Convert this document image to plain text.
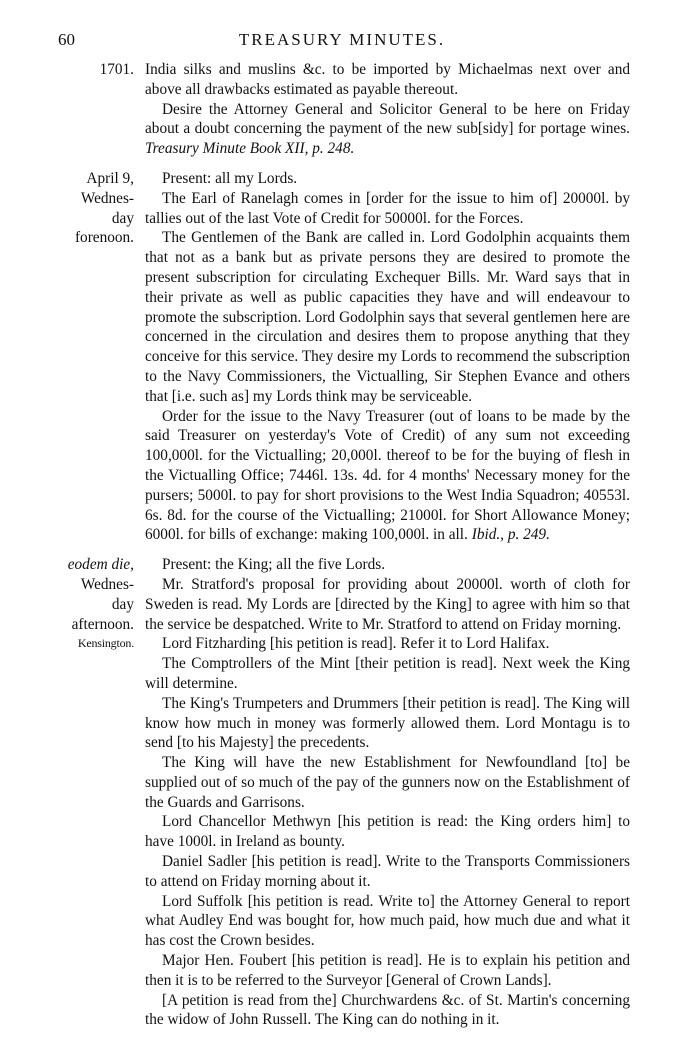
60	TREASURY MINUTES.
1701. India silks and muslins &c. to be imported by Michaelmas next over and above all drawbacks estimated as payable thereout.

Desire the Attorney General and Solicitor General to be here on Friday about a doubt concerning the payment of the new sub[sidy] for portage wines. Treasury Minute Book XII, p. 248.

April 9,
Wednes-
day
forenoon.

Present: all my Lords.

The Earl of Ranelagh comes in [order for the issue to him of] 20000l. by tallies out of the last Vote of Credit for 50000l. for the Forces.

The Gentlemen of the Bank are called in. Lord Godolphin acquaints them that not as a bank but as private persons they are desired to promote the present subscription for circulating Exchequer Bills. Mr. Ward says that in their private as well as public capacities they have and will endeavour to promote the subscription. Lord Godolphin says that several gentlemen here are concerned in the circulation and desires them to propose anything that they conceive for this service. They desire my Lords to recommend the subscription to the Navy Commissioners, the Victualling, Sir Stephen Evance and others that [i.e. such as] my Lords think may be serviceable.

Order for the issue to the Navy Treasurer (out of loans to be made by the said Treasurer on yesterday's Vote of Credit) of any sum not exceeding 100,000l. for the Victualling; 20,000l. thereof to be for the buying of flesh in the Victualling Office; 7446l. 13s. 4d. for 4 months' Necessary money for the pursers; 5000l. to pay for short provisions to the West India Squadron; 40553l. 6s. 8d. for the course of the Victualling; 21000l. for Short Allowance Money; 6000l. for bills of exchange: making 100,000l. in all. Ibid., p. 249.

eodem die,
Wednes-
day
afternoon.
Kensington.

Present: the King; all the five Lords.

Mr. Stratford's proposal for providing about 20000l. worth of cloth for Sweden is read. My Lords are [directed by the King] to agree with him so that the service be despatched. Write to Mr. Stratford to attend on Friday morning.

Lord Fitzharding [his petition is read]. Refer it to Lord Halifax.

The Comptrollers of the Mint [their petition is read]. Next week the King will determine.

The King's Trumpeters and Drummers [their petition is read]. The King will know how much in money was formerly allowed them. Lord Montagu is to send [to his Majesty] the precedents.

The King will have the new Establishment for Newfoundland [to] be supplied out of so much of the pay of the gunners now on the Establishment of the Guards and Garrisons.

Lord Chancellor Methwyn [his petition is read: the King orders him] to have 1000l. in Ireland as bounty.

Daniel Sadler [his petition is read]. Write to the Transports Commissioners to attend on Friday morning about it.

Lord Suffolk [his petition is read. Write to] the Attorney General to report what Audley End was bought for, how much paid, how much due and what it has cost the Crown besides.

Major Hen. Foubert [his petition is read]. He is to explain his petition and then it is to be referred to the Surveyor [General of Crown Lands].

[A petition is read from the] Churchwardens &c. of St. Martin's concerning the widow of John Russell. The King can do nothing in it.
